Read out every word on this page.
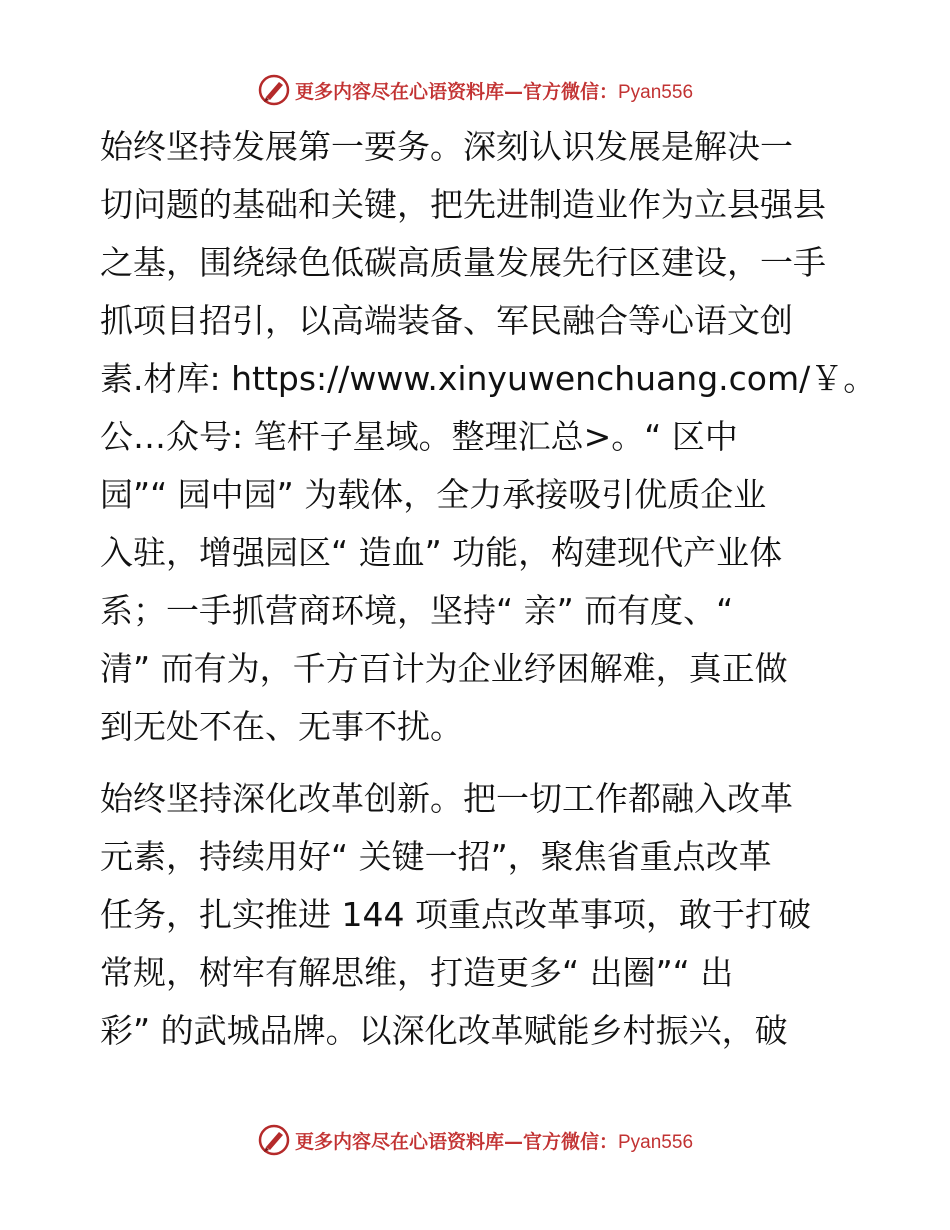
更多内容尽在心语资料库—官方微信：Pyan556

始终坚持发展第一要务。深刻认识发展是解决一
切问题的基础和关键，把先进制造业作为立县强县
之基，围绕绿色低碳高质量发展先行区建设，一手
抓项目招引，以高端装备、军民融合等心语文创
素.材库: https://www.xinyuwenchuang.com/￥。
公…众号: 笔杆子星域。整理汇总>。“ 区中
园”“ 园中园” 为载体，全力承接吸引优质企业
入驻，增强园区“ 造血” 功能，构建现代产业体
系；一手抓营商环境，坚持“ 亲” 而有度、“
清” 而有为，千方百计为企业纾困解难，真正做
到无处不在、无事不扰。

始终坚持深化改革创新。把一切工作都融入改革
元素，持续用好“ 关键一招”，聚焦省重点改革
任务，扎实推进 144 项重点改革事项，敢于打破
常规，树牢有解思维，打造更多“ 出圈”“ 出
彩” 的武城品牌。以深化改革赋能乡村振兴，破

更多内容尽在心语资料库—官方微信：Pyan556
